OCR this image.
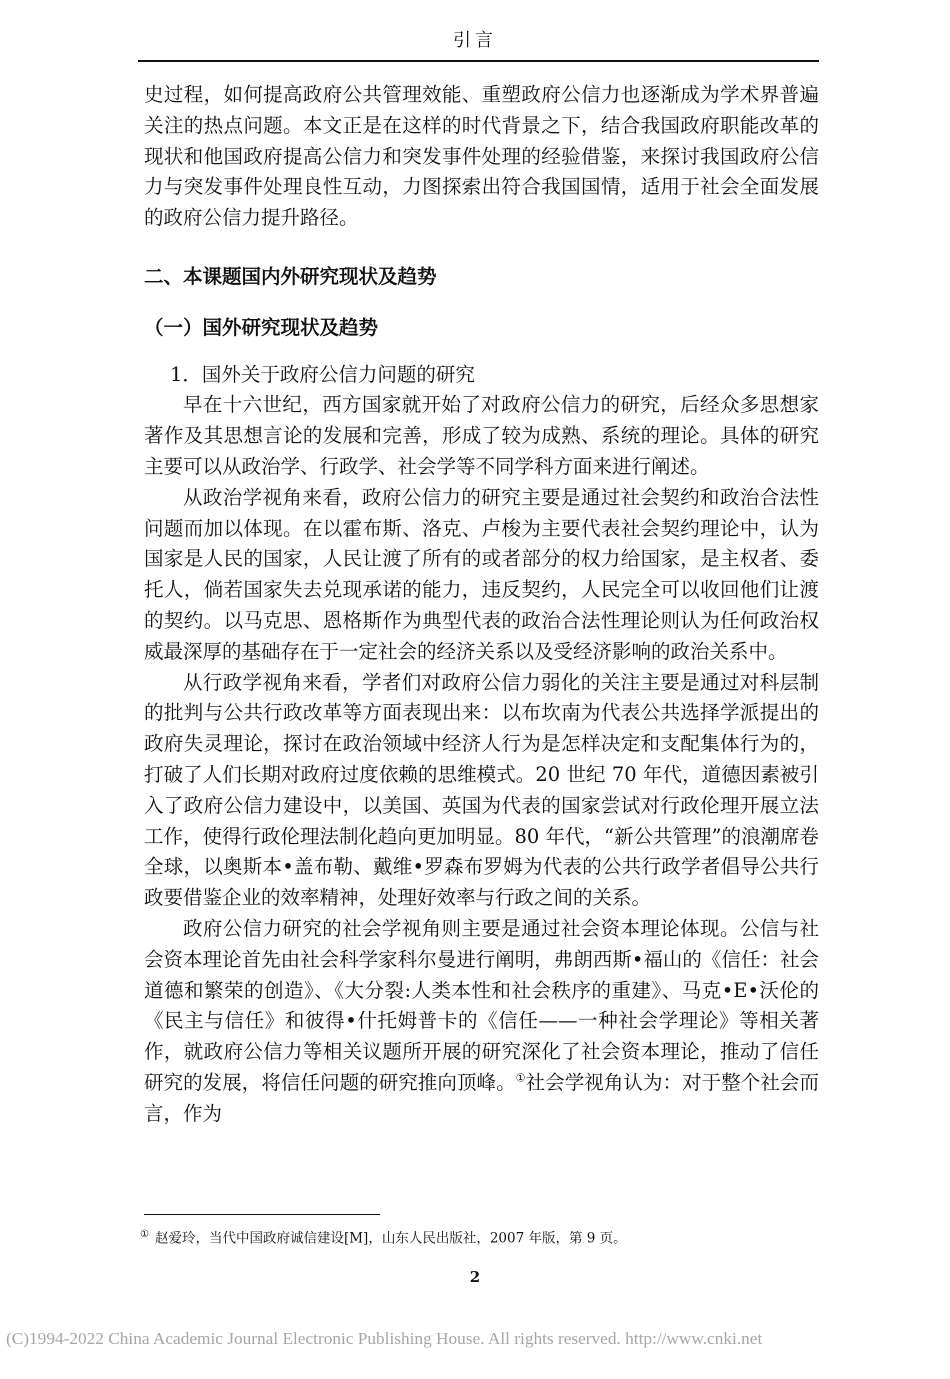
引言

史过程，如何提高政府公共管理效能、重塑政府公信力也逐渐成为学术界普遍关注的热点问题。本文正是在这样的时代背景之下，结合我国政府职能改革的现状和他国政府提高公信力和突发事件处理的经验借鉴，来探讨我国政府公信力与突发事件处理良性互动，力图探索出符合我国国情，适用于社会全面发展的政府公信力提升路径。

二、本课题国内外研究现状及趋势

（一）国外研究现状及趋势

1．国外关于政府公信力问题的研究

早在十六世纪，西方国家就开始了对政府公信力的研究，后经众多思想家著作及其思想言论的发展和完善，形成了较为成熟、系统的理论。具体的研究主要可以从政治学、行政学、社会学等不同学科方面来进行阐述。

从政治学视角来看，政府公信力的研究主要是通过社会契约和政治合法性问题而加以体现。在以霍布斯、洛克、卢梭为主要代表社会契约理论中，认为国家是人民的国家，人民让渡了所有的或者部分的权力给国家，是主权者、委托人，倘若国家失去兑现承诺的能力，违反契约，人民完全可以收回他们让渡的契约。以马克思、恩格斯作为典型代表的政治合法性理论则认为任何政治权威最深厚的基础存在于一定社会的经济关系以及受经济影响的政治关系中。

从行政学视角来看，学者们对政府公信力弱化的关注主要是通过对科层制的批判与公共行政改革等方面表现出来：以布坎南为代表公共选择学派提出的政府失灵理论，探讨在政治领域中经济人行为是怎样决定和支配集体行为的，打破了人们长期对政府过度依赖的思维模式。20 世纪 70 年代，道德因素被引入了政府公信力建设中，以美国、英国为代表的国家尝试对行政伦理开展立法工作，使得行政伦理法制化趋向更加明显。80 年代，“新公共管理”的浪潮席卷全球，以奥斯本•盖布勒、戴维•罗森布罗姆为代表的公共行政学者倡导公共行政要借鉴企业的效率精神，处理好效率与行政之间的关系。

政府公信力研究的社会学视角则主要是通过社会资本理论体现。公信与社会资本理论首先由社会科学家科尔曼进行阐明，弗朗西斯•福山的《信任：社会道德和繁荣的创造》、《大分裂:人类本性和社会秩序的重建》、马克•E•沃伦的《民主与信任》和彼得•什托姆普卡的《信任——一种社会学理论》等相关著作，就政府公信力等相关议题所开展的研究深化了社会资本理论，推动了信任研究的发展，将信任问题的研究推向顶峰。①社会学视角认为：对于整个社会而言，作为

① 赵爱玲，当代中国政府诚信建设[M]，山东人民出版社，2007 年版，第 9 页。
2
(C)1994-2022 China Academic Journal Electronic Publishing House. All rights reserved. http://www.cnki.net
